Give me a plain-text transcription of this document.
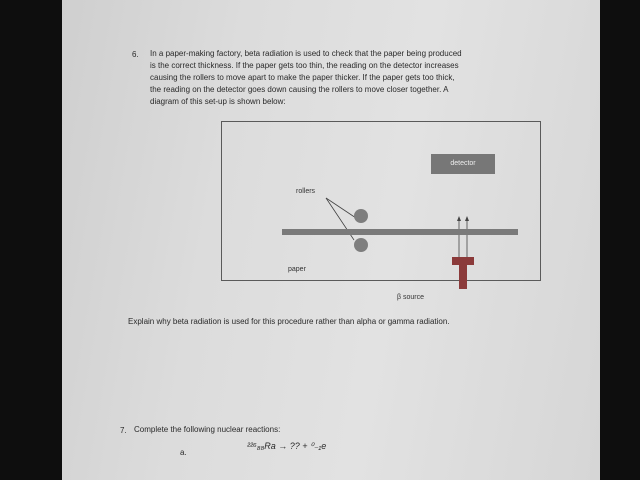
6. In a paper-making factory, beta radiation is used to check that the paper being produced
is the correct thickness. If the paper gets too thin, the reading on the detector increases
causing the rollers to move apart to make the paper thicker. If the paper gets too thick,
the reading on the detector goes down causing the rollers to move closer together. A
diagram of this set-up is shown below:
detector
rollers
paper
β source
Explain why beta radiation is used for this procedure rather than alpha or gamma radiation.
7. Complete the following nuclear reactions:
a.
²²⁶₈₈Ra → ?? + ⁰₋₁e
